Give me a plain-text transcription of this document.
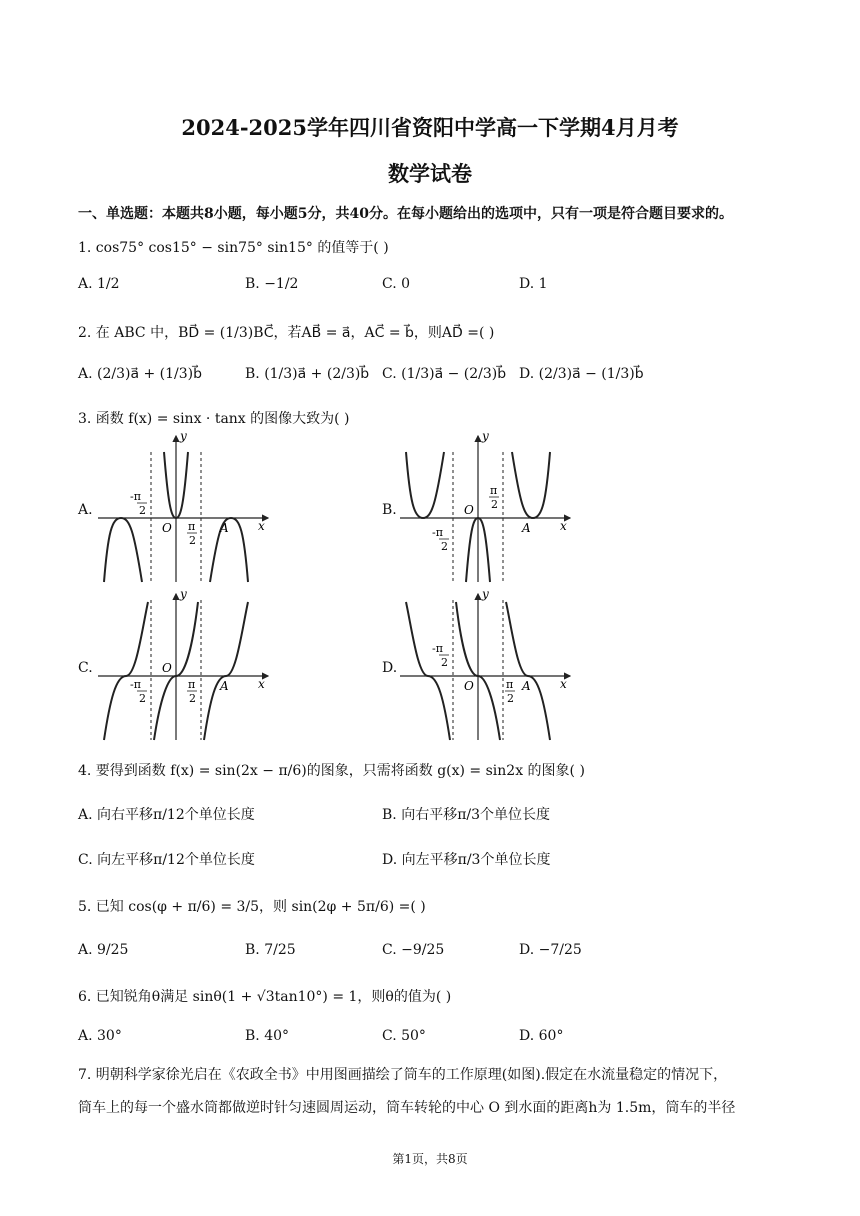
2024-2025学年四川省资阳中学高一下学期4月月考
数学试卷
一、单选题：本题共8小题，每小题5分，共40分。在每小题给出的选项中，只有一项是符合题目要求的。
1. cos75° cos15° − sin75° sin15° 的值等于( )
A. 1/2	B. −1/2	C. 0	D. 1
2. 在 ABC 中，BD⃗ = (1/3)BC⃗，若AB⃗ = a⃗，AC⃗ = b⃗，则AD⃗ =( )
A. (2/3)a⃗ + (1/3)b⃗	B. (1/3)a⃗ + (2/3)b⃗ C. (1/3)a⃗ − (2/3)b⃗ D. (2/3)a⃗ − (1/3)b⃗
3. 函数 f(x) = sinx · tanx 的图像大致为( )
A.	B.
C.	D.
y
x
O	A
-π
2
π
2
y
x
O
A
-π
2
π
2
y
x
O
A
-π
2
π
2
y
x
O	A
-π
2
π
2
4. 要得到函数 f(x) = sin(2x − π/6)的图象，只需将函数 g(x) = sin2x 的图象( )
A. 向右平移π/12个单位长度	B. 向右平移π/3个单位长度
C. 向左平移π/12个单位长度	D. 向左平移π/3个单位长度
5. 已知 cos(φ + π/6) = 3/5，则 sin(2φ + 5π/6) =( )
A. 9/25	B. 7/25	C. −9/25	D. −7/25
6. 已知锐角θ满足 sinθ(1 + √3tan10°) = 1，则θ的值为( )
A. 30°	B. 40°	C. 50°	D. 60°
7. 明朝科学家徐光启在《农政全书》中用图画描绘了筒车的工作原理(如图).假定在水流量稳定的情况下，
筒车上的每一个盛水筒都做逆时针匀速圆周运动，筒车转轮的中心 O 到水面的距离h为 1.5m，筒车的半径
第1页，共8页
